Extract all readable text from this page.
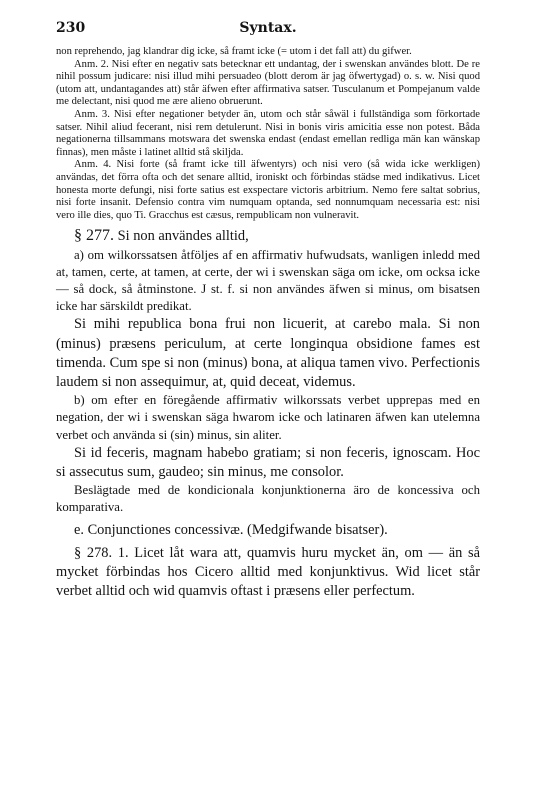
230	Syntax.

non reprehendo, jag klandrar dig icke, så framt icke (= utom i det fall att) du gifwer.

Anm. 2. Nisi efter en negativ sats betecknar ett undantag, der i swenskan användes blott. De re nihil possum judicare: nisi illud mihi persuadeo (blott derom är jag öfwertygad) o. s. w. Nisi quod (utom att, undantagandes att) står äfwen efter affirmativa satser. Tusculanum et Pompejanum valde me delectant, nisi quod me ære alieno obruerunt.

Anm. 3. Nisi efter negationer betyder än, utom och står såwäl i fullständiga som förkortade satser. Nihil aliud fecerant, nisi rem detulerunt. Nisi in bonis viris amicitia esse non potest. Båda negationerna tillsammans motswara det swenska endast (endast emellan redliga män kan wänskap finnas), men måste i latinet alltid stå skiljda.

Anm. 4. Nisi forte (så framt icke till äfwentyrs) och nisi vero (så wida icke werkligen) användas, det förra ofta och det senare alltid, ironiskt och förbindas städse med indikativus. Licet honesta morte defungi, nisi forte satius est exspectare victoris arbitrium. Nemo fere saltat sobrius, nisi forte insanit. Defensio contra vim numquam optanda, sed nonnumquam necessaria est: nisi vero ille dies, quo Ti. Gracchus est cæsus, rempublicam non vulneravit.

§ 277. Si non användes alltid,

a) om wilkorssatsen åtföljes af en affirmativ hufwudsats, wanligen inledd med at, tamen, certe, at tamen, at certe, der wi i swenskan säga om icke, om ocksa icke — så dock, så åtminstone. J st. f. si non användes äfwen si minus, om bisatsen icke har särskildt predikat.

Si mihi republica bona frui non licuerit, at carebo mala. Si non (minus) præsens periculum, at certe longinqua obsidione fames est timenda. Cum spe si non (minus) bona, at aliqua tamen vivo. Perfectionis laudem si non assequimur, at, quid deceat, videmus.

b) om efter en föregående affirmativ wilkorssats verbet upprepas med en negation, der wi i swenskan säga hwarom icke och latinaren äfwen kan utelemna verbet och använda si (sin) minus, sin aliter.

Si id feceris, magnam habebo gratiam; si non feceris, ignoscam. Hoc si assecutus sum, gaudeo; sin minus, me consolor.

Beslägtade med de kondicionala konjunktionerna äro de koncessiva och komparativa.

e. Conjunctiones concessivæ. (Medgifwande bisatser).

§ 278. 1. Licet låt wara att, quamvis huru mycket än, om — än så mycket förbindas hos Cicero alltid med konjunktivus. Wid licet står verbet alltid och wid quamvis oftast i præsens eller perfectum.
